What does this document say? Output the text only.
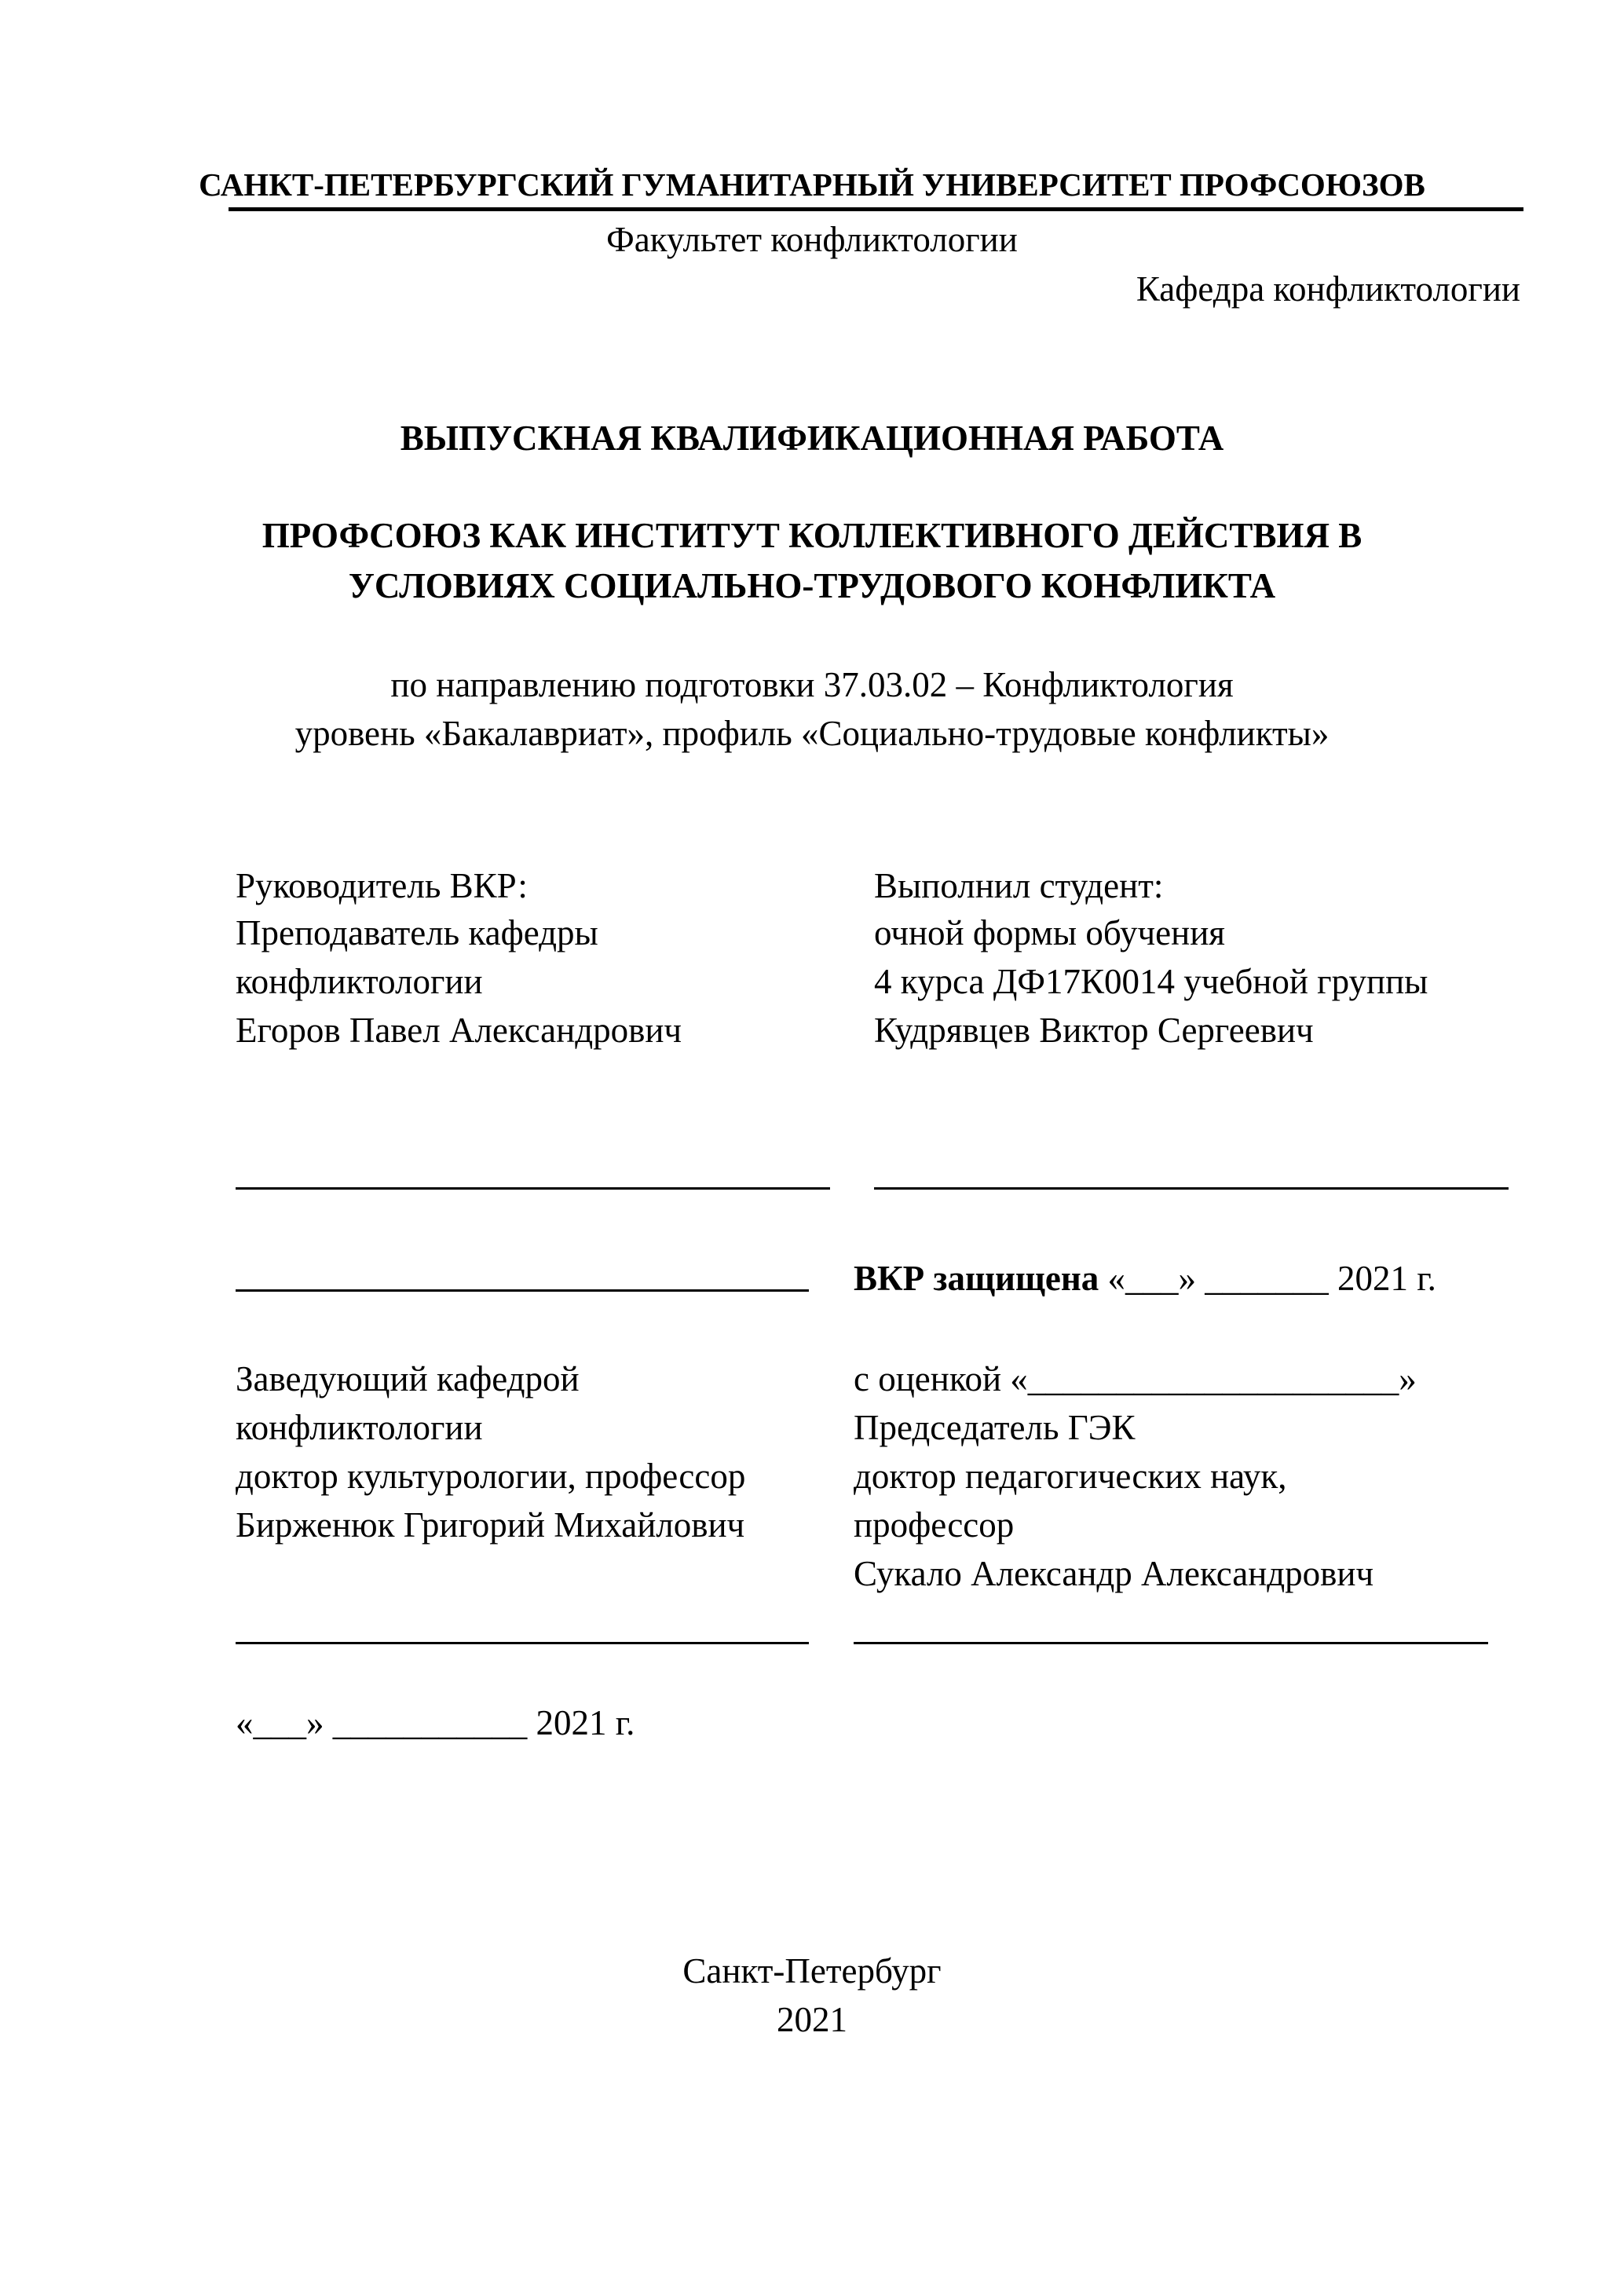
САНКТ-ПЕТЕРБУРГСКИЙ ГУМАНИТАРНЫЙ УНИВЕРСИТЕТ ПРОФСОЮЗОВ
Факультет конфликтологии
Кафедра конфликтологии
ВЫПУСКНАЯ КВАЛИФИКАЦИОННАЯ РАБОТА
ПРОФСОЮЗ КАК ИНСТИТУТ КОЛЛЕКТИВНОГО ДЕЙСТВИЯ В
УСЛОВИЯХ СОЦИАЛЬНО-ТРУДОВОГО КОНФЛИКТА
по направлению подготовки 37.03.02 – Конфликтология
уровень «Бакалавриат», профиль «Социально-трудовые конфликты»
Руководитель ВКР:
Преподаватель кафедры
конфликтологии
Егоров Павел Александрович
Выполнил студент:
очной формы обучения
4 курса ДФ17К0014 учебной группы
Кудрявцев Виктор Сергеевич
ВКР защищена «___» _______ 2021 г.
Заведующий кафедрой
конфликтологии
доктор культурологии, профессор
Бирженюк Григорий Михайлович
с оценкой «_____________________»
Председатель ГЭК
доктор педагогических наук,
профессор
Сукало Александр Александрович
«___» ___________ 2021 г.
Санкт-Петербург
2021
